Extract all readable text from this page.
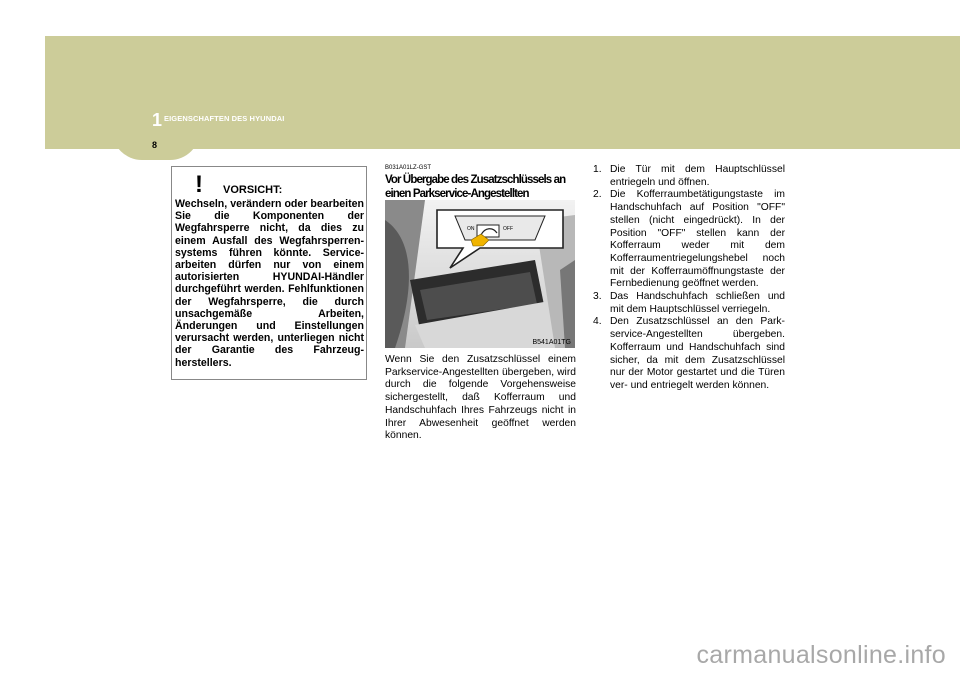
1 EIGENSCHAFTEN DES HYUNDAI
8
! VORSICHT:
Wechseln, verändern oder bearbeiten Sie die Komponenten der Wegfahrsperre nicht, da dies zu einem Ausfall des Wegfahrsperren-systems führen könnte. Service-arbeiten dürfen nur von einem autorisierten HYUNDAI-Händler durchgeführt werden. Fehlfunktionen der Wegfahrsperre, die durch unsachgemäße Arbeiten, Änderungen und Einstellungen verursacht werden, unterliegen nicht der Garantie des Fahrzeug-herstellers.
B031A01LZ-GST
Vor Übergabe des Zusatzschlüssels an einen Parkservice-Angestellten
ON	OFF
B541A01TG
Wenn Sie den Zusatzschlüssel einem Parkservice-Angestellten übergeben, wird durch die folgende Vorgehensweise sichergestellt, daß Kofferraum und Handschuhfach Ihres Fahrzeugs nicht in Ihrer Abwesenheit geöffnet werden können.
1. Die Tür mit dem Hauptschlüssel entriegeln und öffnen.
2. Die Kofferraumbetätigungstaste im Handschuhfach auf Position "OFF" stellen (nicht eingedrückt). In der Position "OFF" stellen kann der Kofferraum weder mit dem Kofferraumentriegelungshebel noch mit der Kofferraumöffnungstaste der Fernbedienung geöffnet werden.
3. Das Handschuhfach schließen und mit dem Hauptschlüssel verriegeln.
4. Den Zusatzschlüssel an den Park-service-Angestellten übergeben. Kofferraum und Handschuhfach sind sicher, da mit dem Zusatzschlüssel nur der Motor gestartet und die Türen ver- und entriegelt werden können.
carmanualsonline.info
